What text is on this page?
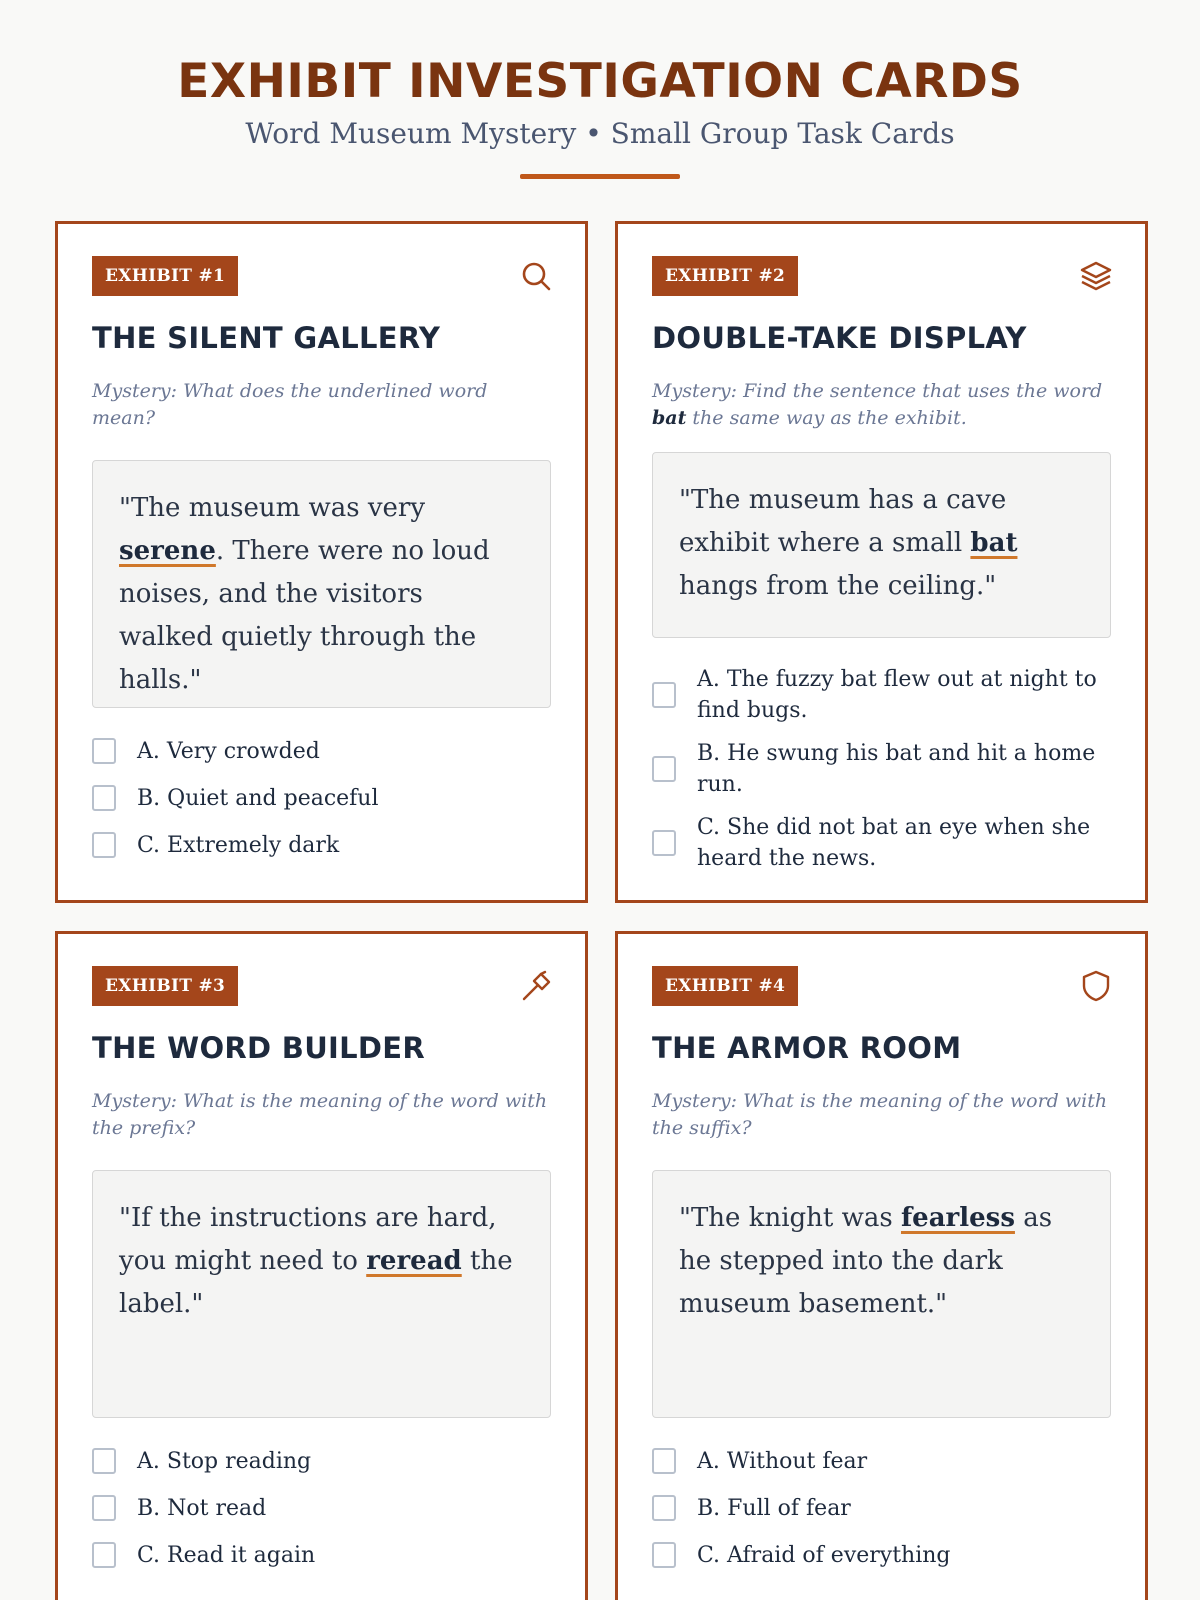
EXHIBIT INVESTIGATION CARDS
Word Museum Mystery • Small Group Task Cards
EXHIBIT #1
THE SILENT GALLERY

Mystery: What does the underlined word mean?

"The museum was very serene. There were no loud noises, and the visitors walked quietly through the halls."
A. Very crowded
B. Quiet and peaceful
C. Extremely dark
EXHIBIT #2
DOUBLE-TAKE DISPLAY

Mystery: Find the sentence that uses the word bat the same way as the exhibit.

"The museum has a cave exhibit where a small bat hangs from the ceiling."
A. The fuzzy bat flew out at night to find bugs.
B. He swung his bat and hit a home run.
C. She did not bat an eye when she heard the news.
EXHIBIT #3
THE WORD BUILDER

Mystery: What is the meaning of the word with the prefix?

"If the instructions are hard, you might need to reread the label."
A. Stop reading
B. Not read
C. Read it again
EXHIBIT #4
THE ARMOR ROOM

Mystery: What is the meaning of the word with the suffix?

"The knight was fearless as he stepped into the dark museum basement."
A. Without fear
B. Full of fear
C. Afraid of everything
